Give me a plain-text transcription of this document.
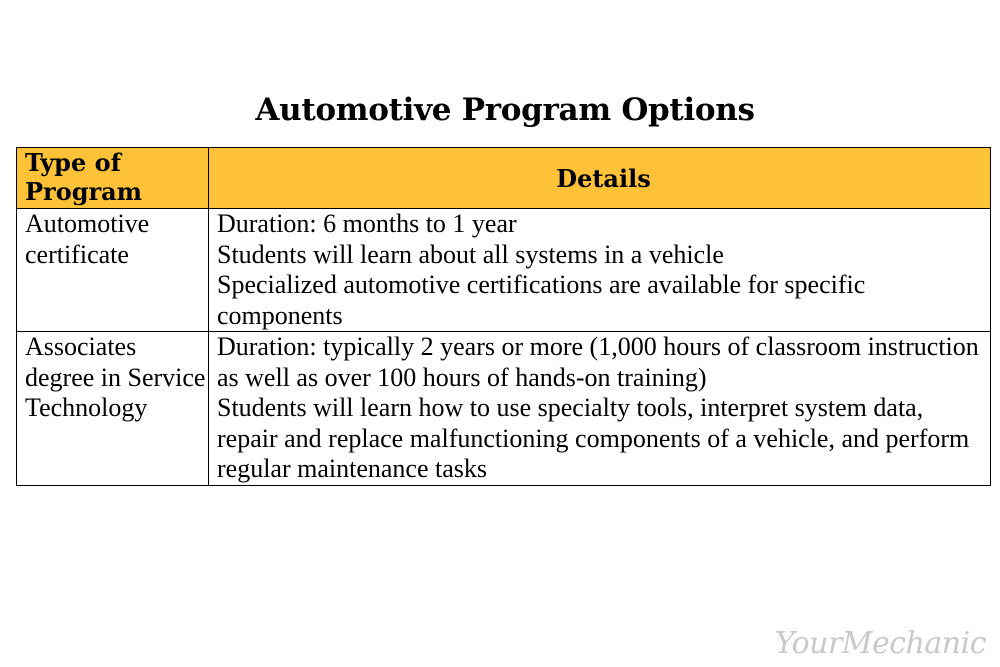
Automotive Program Options
Type of Program	Details
Automotive certificate	Duration: 6 months to 1 year
Students will learn about all systems in a vehicle
Specialized automotive certifications are available for specific components

Associates degree in Service Technology	Duration: typically 2 years or more (1,000 hours of classroom instruction as well as over 100 hours of hands-on training)
Students will learn how to use specialty tools, interpret system data, repair and replace malfunctioning components of a vehicle, and perform regular maintenance tasks
YourMechanic
